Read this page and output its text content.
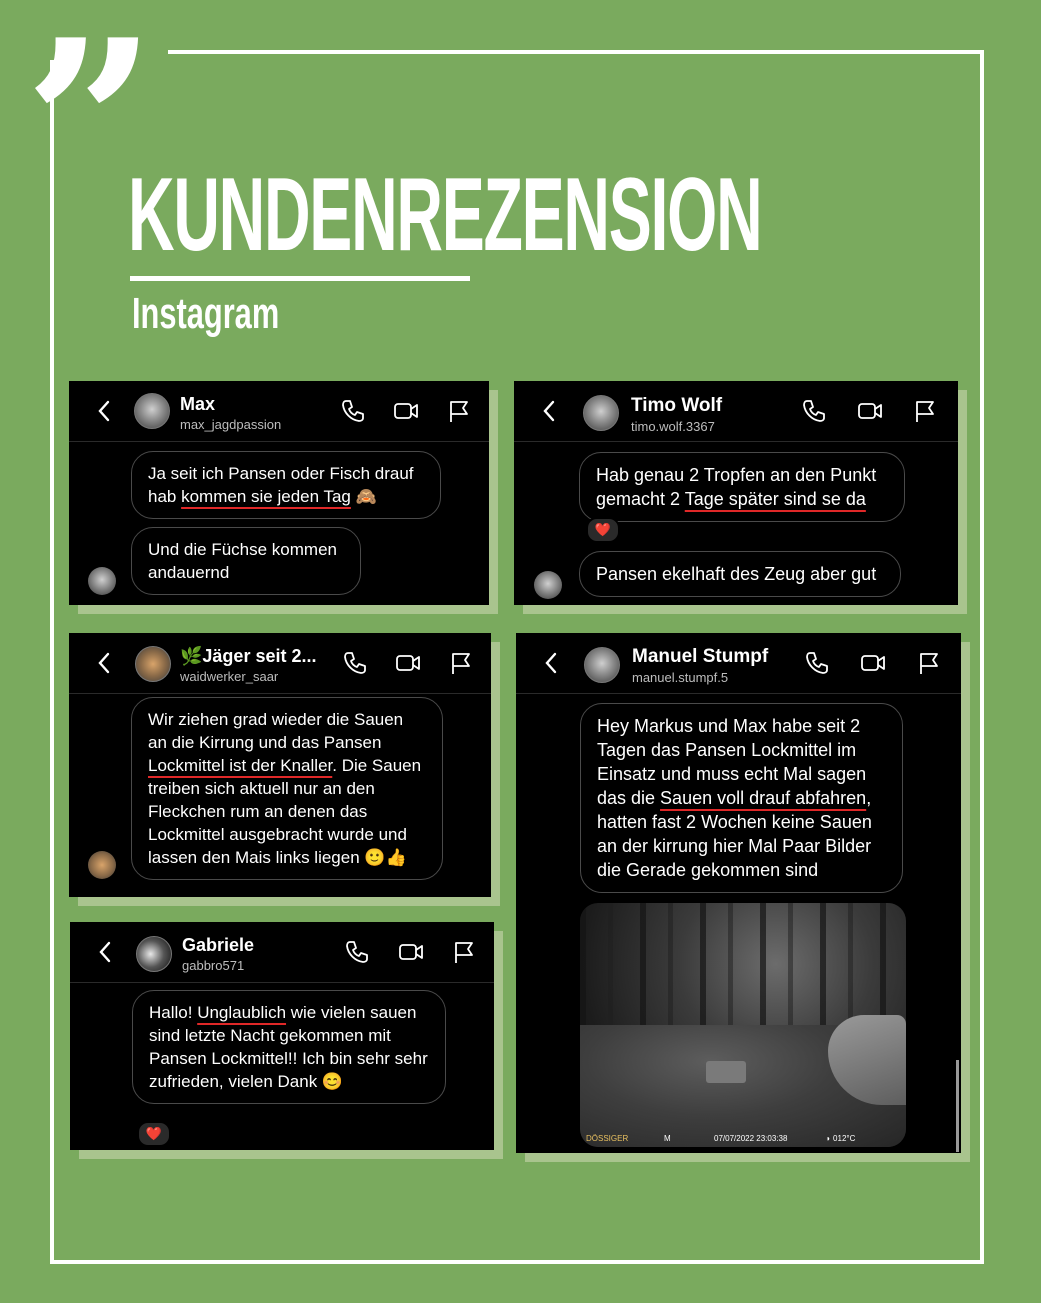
”
KUNDENREZENSION
Instagram
Max
max_jagdpassion
Ja seit ich Pansen oder Fisch drauf hab kommen sie jeden Tag 🙈
Und die Füchse kommen andauernd
Timo Wolf
timo.wolf.3367
Hab genau 2 Tropfen an den Punkt gemacht 2 Tage später sind se da
❤️
Pansen ekelhaft des Zeug aber gut
🌿Jäger seit 2...
waidwerker_saar
Wir ziehen grad wieder die Sauen an die Kirrung und das Pansen Lockmittel ist der Knaller. Die Sauen treiben sich aktuell nur an den Fleckchen rum an denen das Lockmittel ausgebracht wurde und lassen den Mais links liegen 🙂👍
Gabriele
gabbro571
Hallo! Unglaublich wie vielen sauen sind letzte Nacht gekommen mit Pansen Lockmittel!! Ich bin sehr sehr zufrieden, vielen Dank 😊
❤️
Manuel Stumpf
manuel.stumpf.5
Hey Markus und Max habe seit 2 Tagen das Pansen Lockmittel im Einsatz und muss echt Mal sagen das die Sauen voll drauf abfahren, hatten fast 2 Wochen keine Sauen an der kirrung hier Mal Paar Bilder die Gerade gekommen sind
DÖSSIGER	M	07/07/2022 23:03:38	◗ 012°C
